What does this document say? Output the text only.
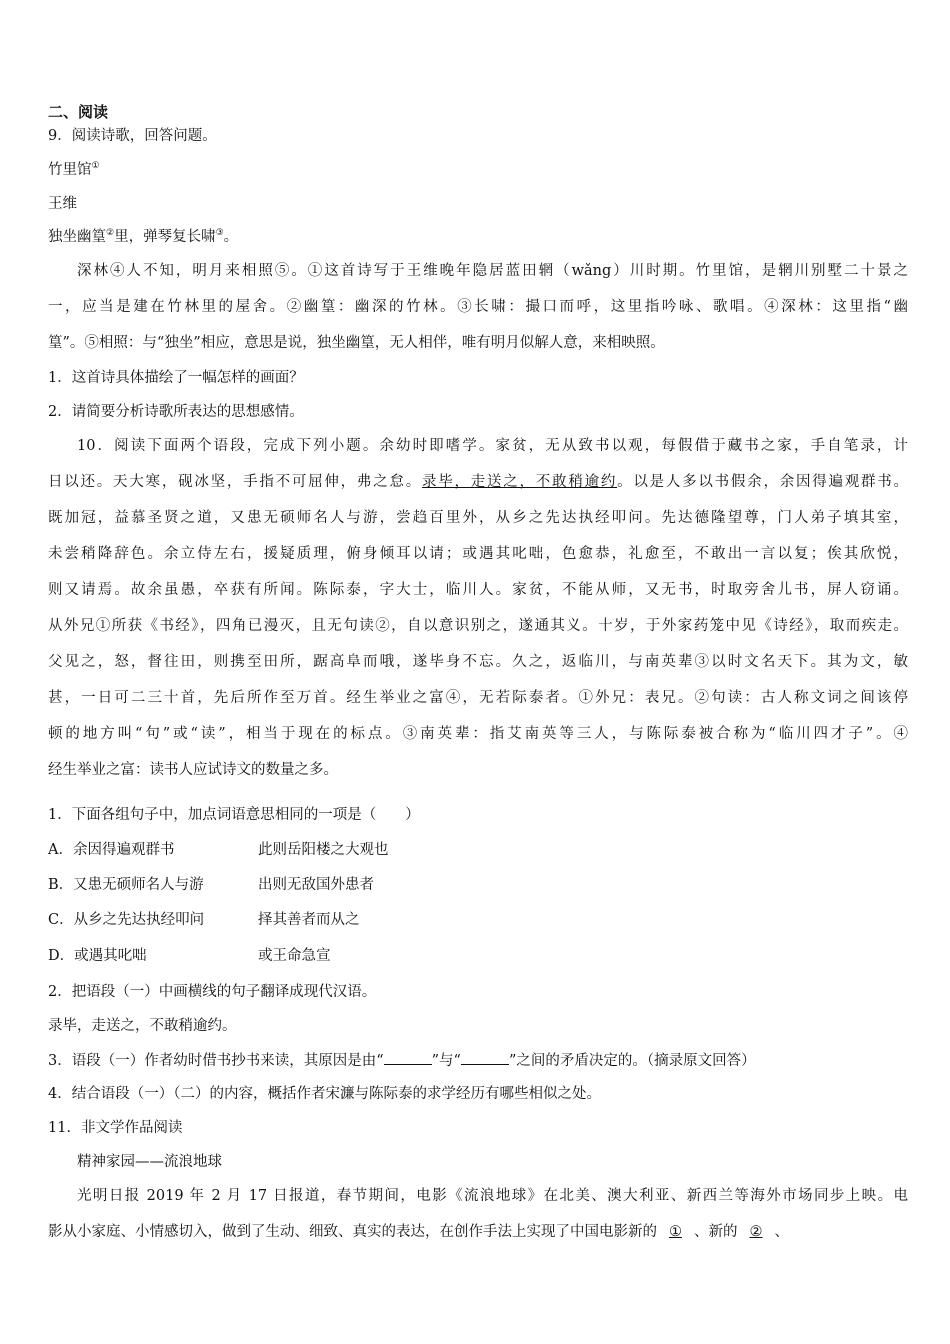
二、阅读
9．阅读诗歌，回答问题。
竹里馆①
王维
独坐幽篁②里，弹琴复长啸③。
深林④人不知，明月来相照⑤。①这首诗写于王维晚年隐居蓝田辋（wǎng）川时期。竹里馆，是辋川别墅二十景之
一，应当是建在竹林里的屋舍。②幽篁：幽深的竹林。③长啸：撮口而呼，这里指吟咏、歌唱。④深林：这里指“幽
篁”。⑤相照：与“独坐”相应，意思是说，独坐幽篁，无人相伴，唯有明月似解人意，来相映照。
1．这首诗具体描绘了一幅怎样的画面？
2．请简要分析诗歌所表达的思想感情。
10．阅读下面两个语段，完成下列小题。余幼时即嗜学。家贫，无从致书以观，每假借于藏书之家，手自笔录，计
日以还。天大寒，砚冰坚，手指不可屈伸，弗之怠。录毕，走送之，不敢稍逾约。以是人多以书假余，余因得遍观群书。
既加冠，益慕圣贤之道，又患无硕师名人与游，尝趋百里外，从乡之先达执经叩问。先达德隆望尊，门人弟子填其室，
未尝稍降辞色。余立侍左右，援疑质理，俯身倾耳以请；或遇其叱咄，色愈恭，礼愈至，不敢出一言以复；俟其欣悦，
则又请焉。故余虽愚，卒获有所闻。陈际泰，字大士，临川人。家贫，不能从师，又无书，时取旁舍儿书，屏人窃诵。
从外兄①所获《书经》，四角已漫灭，且无句读②，自以意识别之，遂通其义。十岁，于外家药笼中见《诗经》，取而疾走。
父见之，怒，督往田，则携至田所，踞高阜而哦，遂毕身不忘。久之，返临川，与南英辈③以时文名天下。其为文，敏
甚，一日可二三十首，先后所作至万首。经生举业之富④，无若际泰者。①外兄：表兄。②句读：古人称文词之间该停
顿的地方叫“句”或“读”，相当于现在的标点。③南英辈：指艾南英等三人，与陈际泰被合称为“临川四才子”。④
经生举业之富：读书人应试诗文的数量之多。
1．下面各组句子中，加点词语意思相同的一项是（　　）
A．余因得遍观群书	此则岳阳楼之大观也
B．又患无硕师名人与游	出则无敌国外患者
C．从乡之先达执经叩问	择其善者而从之
D．或遇其叱咄	或王命急宣
2．把语段（一）中画横线的句子翻译成现代汉语。
录毕，走送之，不敢稍逾约。
3．语段（一）作者幼时借书抄书来读，其原因是由“	”与“	”之间的矛盾决定的。（摘录原文回答）
4．结合语段（一）（二）的内容，概括作者宋濂与陈际泰的求学经历有哪些相似之处。
11．非文学作品阅读
精神家园——流浪地球
光明日报 2019 年 2 月 17 日报道，春节期间，电影《流浪地球》在北美、澳大利亚、新西兰等海外市场同步上映。电
影从小家庭、小情感切入，做到了生动、细致、真实的表达，在创作手法上实现了中国电影新的 ① 、新的 ② 、
